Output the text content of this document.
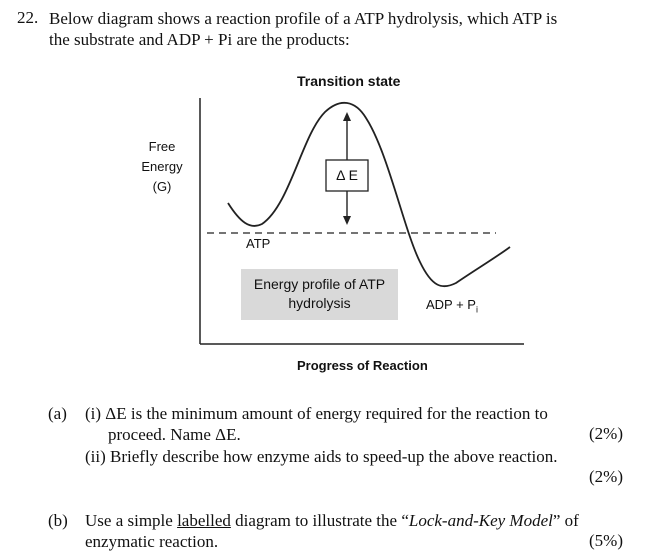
22. Below diagram shows a reaction profile of a ATP hydrolysis, which ATP is
the substrate and ADP + Pi are the products:
Transition state
Free
Energy
(G)
Δ E
ATP
Energy profile of ATP
hydrolysis	ADP + $P_i$
Progress of Reaction
(a) (i) ΔE is the minimum amount of energy required for the reaction to
proceed. Name ΔE.	(2%)
(ii) Briefly describe how enzyme aids to speed-up the above reaction.
(2%)
(b) Use a simple labelled diagram to illustrate the “Lock-and-Key Model” of
enzymatic reaction.	(5%)
